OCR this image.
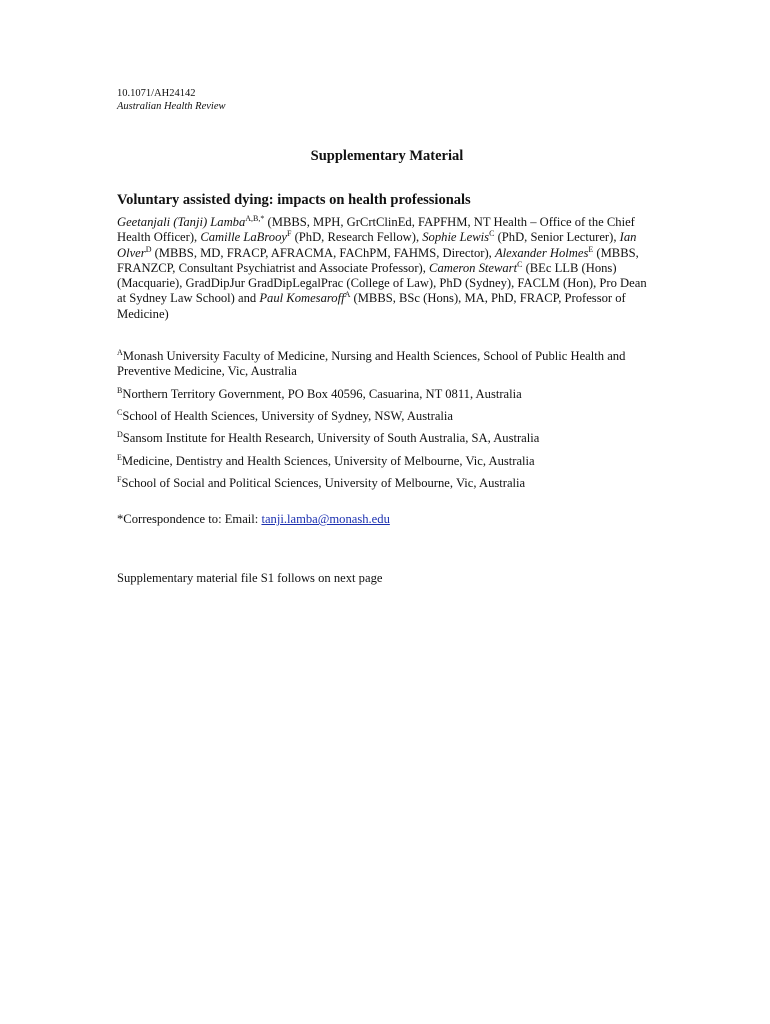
10.1071/AH24142
Australian Health Review
Supplementary Material
Voluntary assisted dying: impacts on health professionals
Geetanjali (Tanji) Lamba$^{A,B,*}$ (MBBS, MPH, GrCrtClinEd, FAPFHM, NT Health – Office of the Chief Health Officer), Camille LaBrooy$^F$ (PhD, Research Fellow), Sophie Lewis$^C$ (PhD, Senior Lecturer), Ian Olver$^D$ (MBBS, MD, FRACP, AFRACMA, FAChPM, FAHMS, Director), Alexander Holmes$^E$ (MBBS, FRANZCP, Consultant Psychiatrist and Associate Professor), Cameron Stewart$^C$ (BEc LLB (Hons) (Macquarie), GradDipJur GradDipLegalPrac (College of Law), PhD (Sydney), FACLM (Hon), Pro Dean at Sydney Law School) and Paul Komesaroff$^A$ (MBBS, BSc (Hons), MA, PhD, FRACP, Professor of Medicine)
$^A$Monash University Faculty of Medicine, Nursing and Health Sciences, School of Public Health and Preventive Medicine, Vic, Australia
$^B$Northern Territory Government, PO Box 40596, Casuarina, NT 0811, Australia
$^C$School of Health Sciences, University of Sydney, NSW, Australia
$^D$Sansom Institute for Health Research, University of South Australia, SA, Australia
$^E$Medicine, Dentistry and Health Sciences, University of Melbourne, Vic, Australia
$^F$School of Social and Political Sciences, University of Melbourne, Vic, Australia
*Correspondence to: Email: tanji.lamba@monash.edu
Supplementary material file S1 follows on next page
